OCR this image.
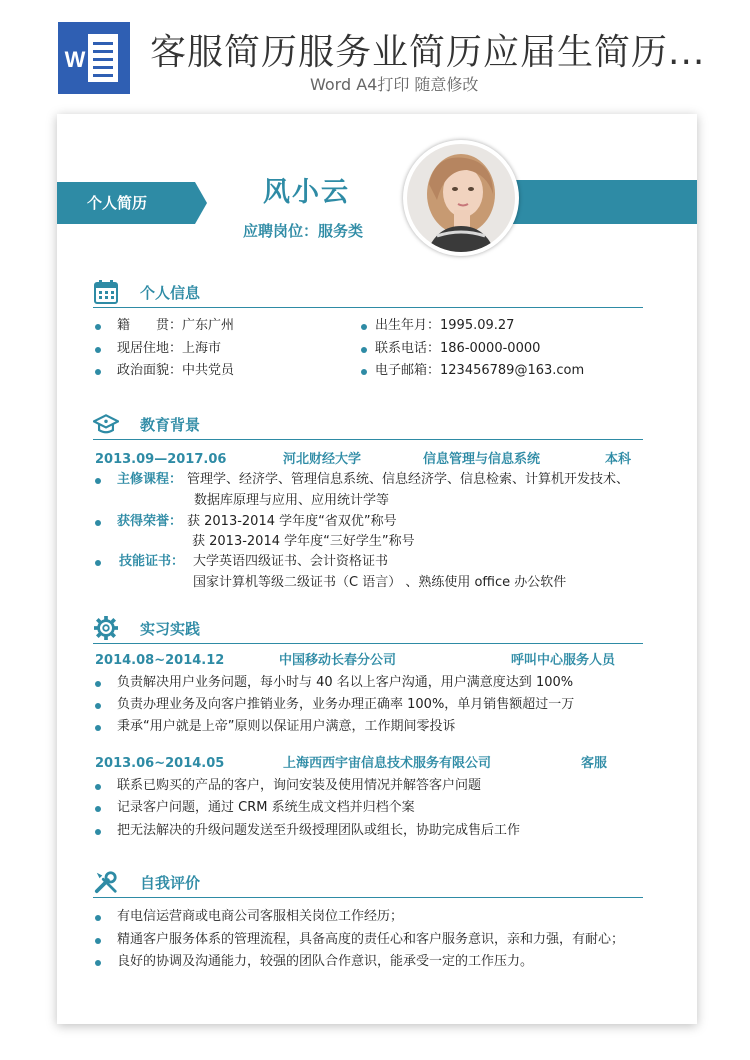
W 客服简历服务业简历应届生简历...
Word A4打印 随意修改
个人简历	风小云
应聘岗位：服务类
个人信息
籍　　贯：广东广州
现居住地：上海市
政治面貌：中共党员
出生年月：1995.09.27
联系电话：186-0000-0000
电子邮箱：123456789@163.com
教育背景
2013.09—2017.06	河北财经大学	信息管理与信息系统	本科
主修课程： 管理学、经济学、管理信息系统、信息经济学、信息检索、计算机开发技术、
数据库原理与应用、应用统计学等
获得荣誉： 获 2013-2014 学年度“省双优”称号
获 2013-2014 学年度“三好学生”称号
技能证书： 大学英语四级证书、会计资格证书
国家计算机等级二级证书（C 语言） 、熟练使用 office 办公软件
实习实践
2014.08~2014.12	中国移动长春分公司	呼叫中心服务人员
负责解决用户业务问题，每小时与 40 名以上客户沟通，用户满意度达到 100%
负责办理业务及向客户推销业务，业务办理正确率 100%，单月销售额超过一万
秉承“用户就是上帝”原则以保证用户满意，工作期间零投诉
2013.06~2014.05	上海西西宇宙信息技术服务有限公司	客服
联系已购买的产品的客户，询问安装及使用情况并解答客户问题
记录客户问题，通过 CRM 系统生成文档并归档个案
把无法解决的升级问题发送至升级授理团队或组长，协助完成售后工作
自我评价
有电信运营商或电商公司客服相关岗位工作经历；
精通客户服务体系的管理流程，具备高度的责任心和客户服务意识，亲和力强，有耐心；
良好的协调及沟通能力，较强的团队合作意识，能承受一定的工作压力。
